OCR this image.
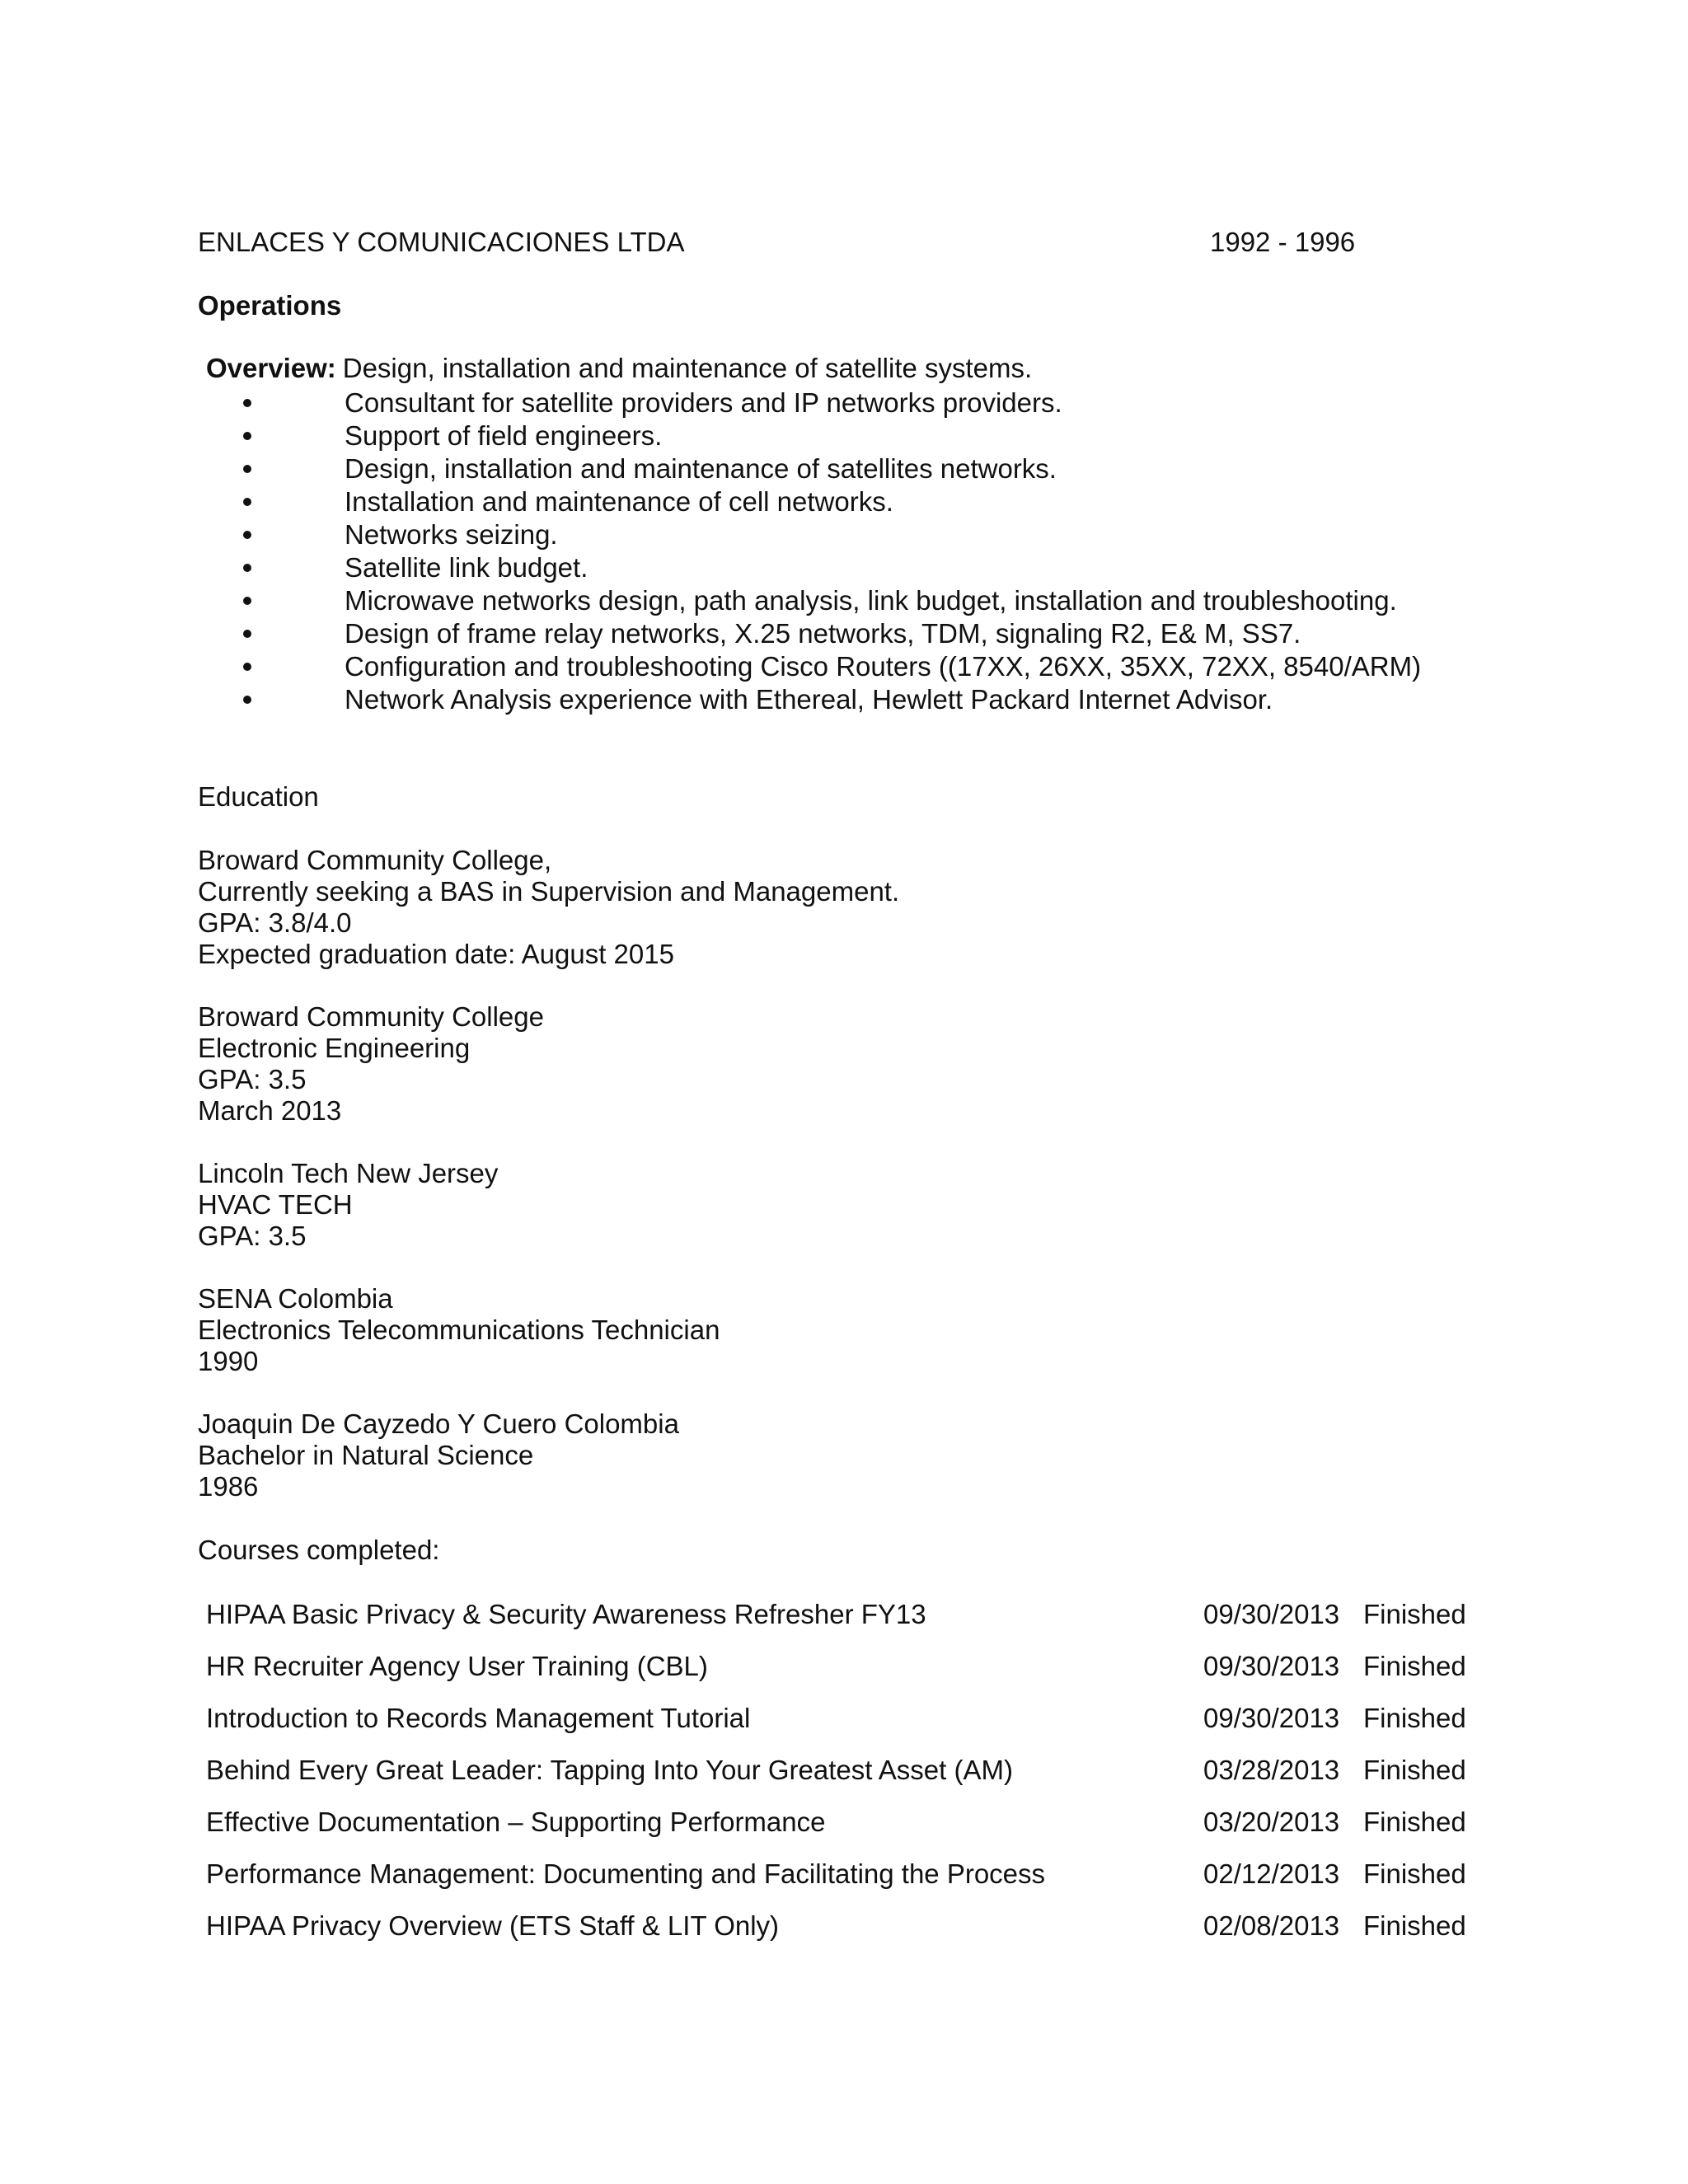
ENLACES Y COMUNICACIONES LTDA	1992 - 1996
Operations
Overview: Design, installation and maintenance of satellite systems.
Consultant for satellite providers and IP networks providers.
Support of field engineers.
Design, installation and maintenance of satellites networks.
Installation and maintenance of cell networks.
Networks seizing.
Satellite link budget.
Microwave networks design, path analysis, link budget, installation and troubleshooting.
Design of frame relay networks, X.25 networks, TDM, signaling R2, E& M, SS7.
Configuration and troubleshooting Cisco Routers ((17XX, 26XX, 35XX, 72XX, 8540/ARM)
Network Analysis experience with Ethereal, Hewlett Packard Internet Advisor.
Education
Broward Community College,
Currently seeking a BAS in Supervision and Management.
GPA: 3.8/4.0
Expected graduation date: August 2015
Broward Community College
Electronic Engineering
GPA: 3.5
March 2013
Lincoln Tech New Jersey
HVAC TECH
GPA: 3.5
SENA Colombia
Electronics Telecommunications Technician
1990
Joaquin De Cayzedo Y Cuero Colombia
Bachelor in Natural Science
1986
Courses completed:
HIPAA Basic Privacy & Security Awareness Refresher FY13	09/30/2013	Finished
HR Recruiter Agency User Training (CBL)	09/30/2013	Finished
Introduction to Records Management Tutorial	09/30/2013	Finished
Behind Every Great Leader: Tapping Into Your Greatest Asset (AM)	03/28/2013	Finished
Effective Documentation – Supporting Performance	03/20/2013	Finished
Performance Management: Documenting and Facilitating the Process	02/12/2013	Finished
HIPAA Privacy Overview (ETS Staff & LIT Only)	02/08/2013	Finished
